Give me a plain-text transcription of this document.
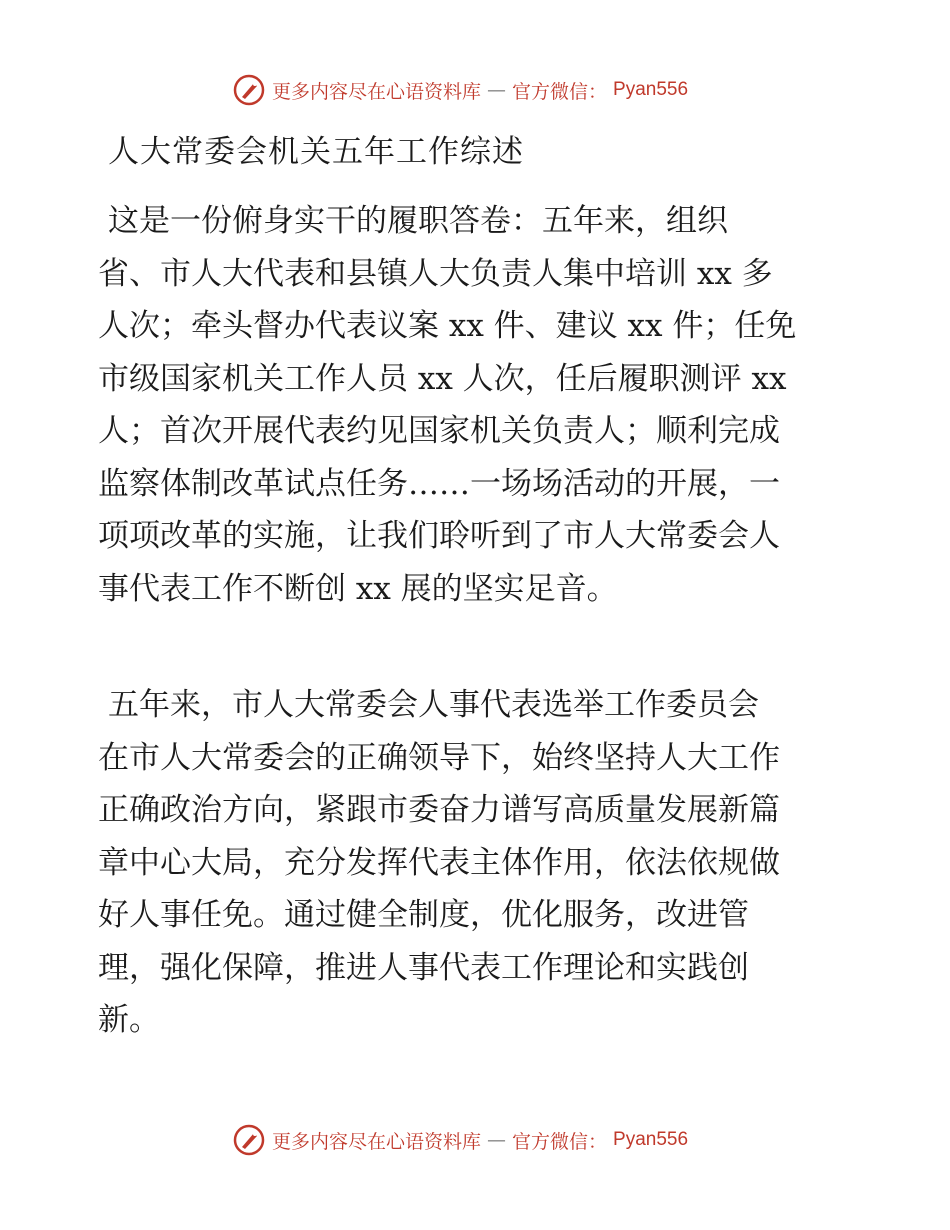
更多内容尽在心语资料库 — 官方微信： Pyan556
人大常委会机关五年工作综述
这是一份俯身实干的履职答卷：五年来，组织
省、市人大代表和县镇人大负责人集中培训 xx 多
人次；牵头督办代表议案 xx 件、建议 xx 件；任免
市级国家机关工作人员 xx 人次，任后履职测评 xx
人；首次开展代表约见国家机关负责人；顺利完成
监察体制改革试点任务……一场场活动的开展，一
项项改革的实施，让我们聆听到了市人大常委会人
事代表工作不断创 xx 展的坚实足音。
五年来，市人大常委会人事代表选举工作委员会
在市人大常委会的正确领导下，始终坚持人大工作
正确政治方向，紧跟市委奋力谱写高质量发展新篇
章中心大局，充分发挥代表主体作用，依法依规做
好人事任免。通过健全制度，优化服务，改进管
理，强化保障，推进人事代表工作理论和实践创
新。
更多内容尽在心语资料库 — 官方微信： Pyan556
